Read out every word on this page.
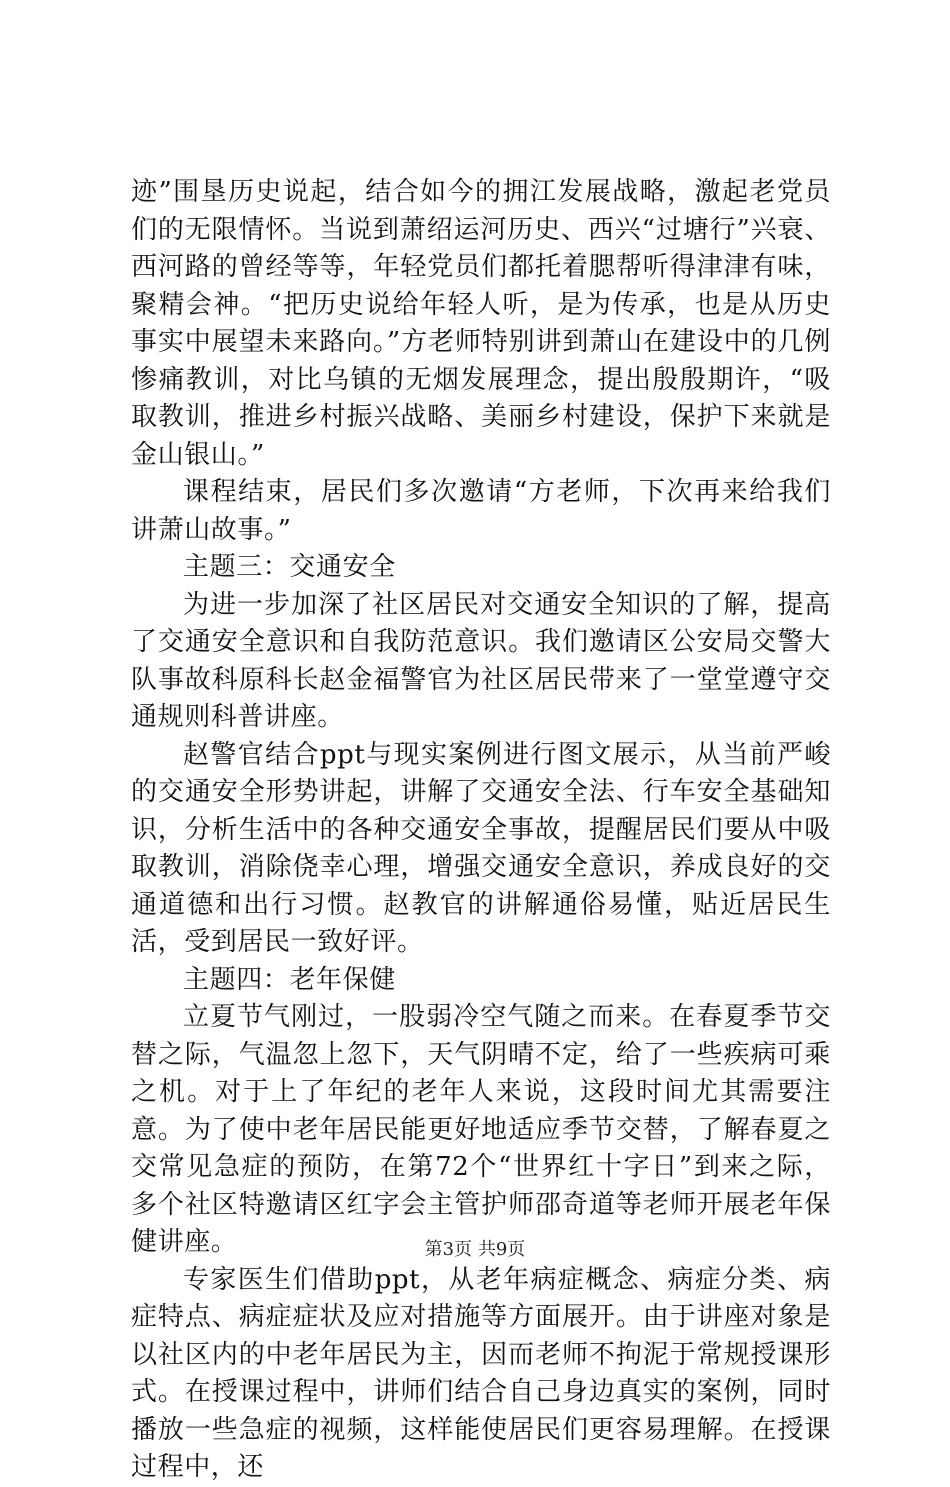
迹”围垦历史说起，结合如今的拥江发展战略，激起老党员们的无限情怀。当说到萧绍运河历史、西兴“过塘行”兴衰、西河路的曾经等等，年轻党员们都托着腮帮听得津津有味，聚精会神。“把历史说给年轻人听，是为传承，也是从历史事实中展望未来路向。”方老师特别讲到萧山在建设中的几例惨痛教训，对比乌镇的无烟发展理念，提出殷殷期许，“吸取教训，推进乡村振兴战略、美丽乡村建设，保护下来就是金山银山。”

课程结束，居民们多次邀请“方老师，下次再来给我们讲萧山故事。”

主题三：交通安全

为进一步加深了社区居民对交通安全知识的了解，提高了交通安全意识和自我防范意识。我们邀请区公安局交警大队事故科原科长赵金福警官为社区居民带来了一堂堂遵守交通规则科普讲座。

赵警官结合ppt与现实案例进行图文展示，从当前严峻的交通安全形势讲起，讲解了交通安全法、行车安全基础知识，分析生活中的各种交通安全事故，提醒居民们要从中吸取教训，消除侥幸心理，增强交通安全意识，养成良好的交通道德和出行习惯。赵教官的讲解通俗易懂，贴近居民生活，受到居民一致好评。

主题四：老年保健

立夏节气刚过，一股弱冷空气随之而来。在春夏季节交替之际，气温忽上忽下，天气阴晴不定，给了一些疾病可乘之机。对于上了年纪的老年人来说，这段时间尤其需要注意。为了使中老年居民能更好地适应季节交替，了解春夏之交常见急症的预防，在第72个“世界红十字日”到来之际，多个社区特邀请区红字会主管护师邵奇道等老师开展老年保健讲座。

专家医生们借助ppt，从老年病症概念、病症分类、病症特点、病症症状及应对措施等方面展开。由于讲座对象是以社区内的中老年居民为主，因而老师不拘泥于常规授课形式。在授课过程中，讲师们结合自己身边真实的案例，同时播放一些急症的视频，这样能使居民们更容易理解。在授课过程中，还

第3页 共9页
